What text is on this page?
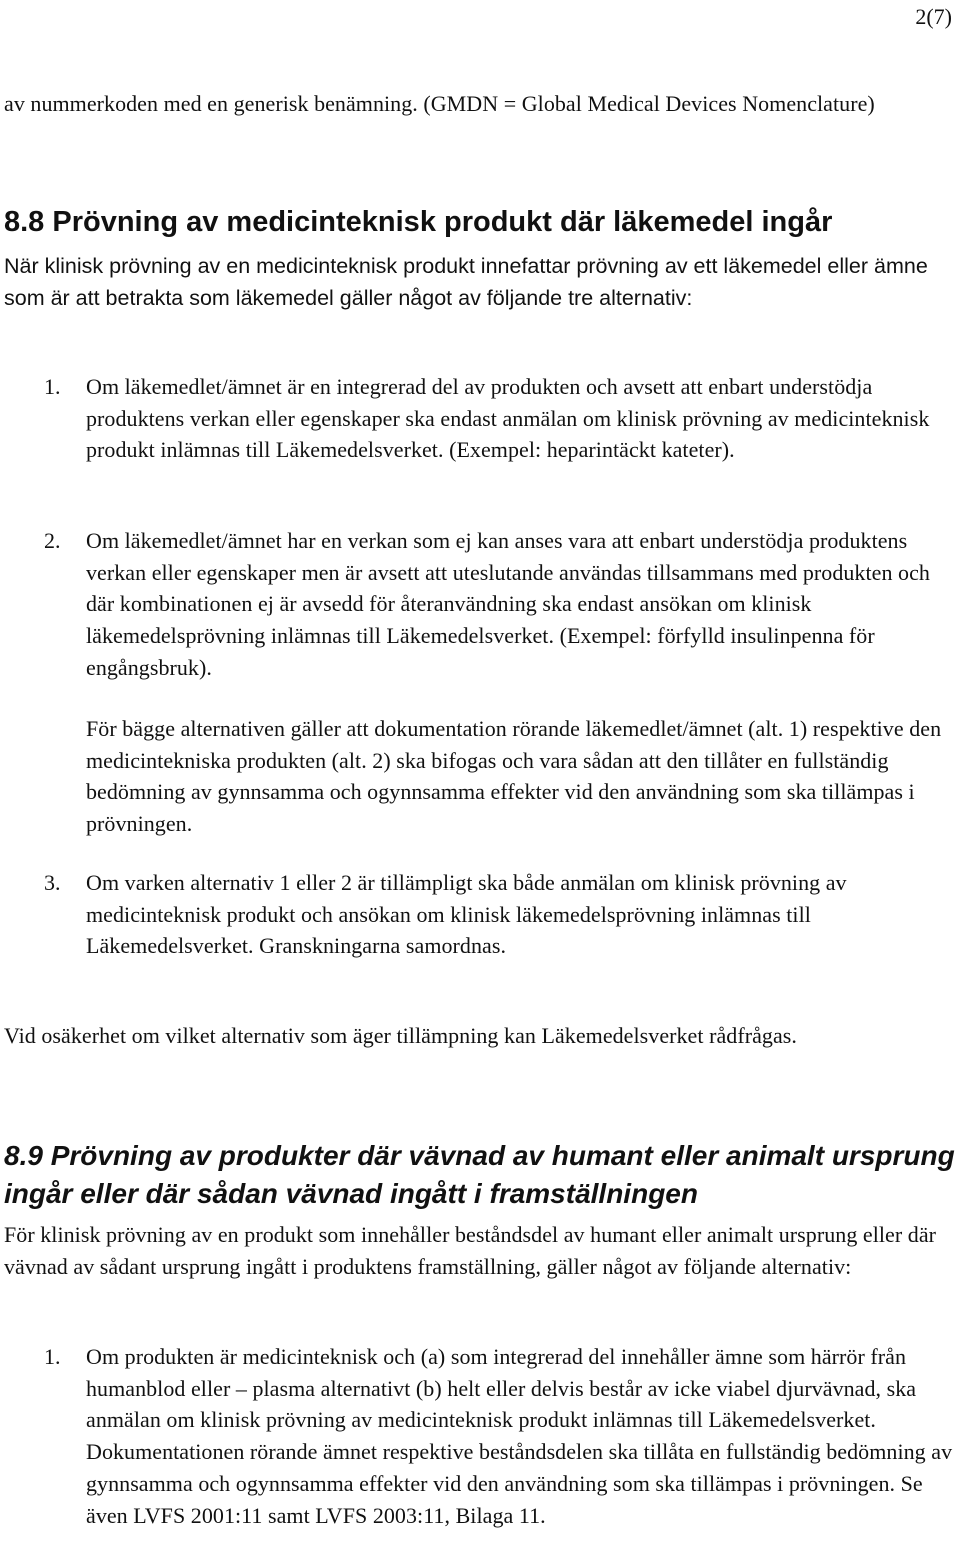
2(7)

av nummerkoden med en generisk benämning. (GMDN = Global Medical Devices Nomenclature)

8.8 Prövning av medicinteknisk produkt där läkemedel ingår

När klinisk prövning av en medicinteknisk produkt innefattar prövning av ett läkemedel eller ämne som är att betrakta som läkemedel gäller något av följande tre alternativ:

1. Om läkemedlet/ämnet är en integrerad del av produkten och avsett att enbart understödja produktens verkan eller egenskaper ska endast anmälan om klinisk prövning av medicinteknisk produkt inlämnas till Läkemedelsverket. (Exempel: heparintäckt kateter).
2. Om läkemedlet/ämnet har en verkan som ej kan anses vara att enbart understödja produktens verkan eller egenskaper men är avsett att uteslutande användas tillsammans med produkten och där kombinationen ej är avsedd för återanvändning ska endast ansökan om klinisk läkemedelsprövning inlämnas till Läkemedelsverket. (Exempel: förfylld insulinpenna för engångsbruk).

För bägge alternativen gäller att dokumentation rörande läkemedlet/ämnet (alt. 1) respektive den medicintekniska produkten (alt. 2) ska bifogas och vara sådan att den tillåter en fullständig bedömning av gynnsamma och ogynnsamma effekter vid den användning som ska tillämpas i prövningen.

3. Om varken alternativ 1 eller 2 är tillämpligt ska både anmälan om klinisk prövning av medicinteknisk produkt och ansökan om klinisk läkemedelsprövning inlämnas till Läkemedelsverket. Granskningarna samordnas.

Vid osäkerhet om vilket alternativ som äger tillämpning kan Läkemedelsverket rådfrågas.

8.9 Prövning av produkter där vävnad av humant eller animalt ursprung ingår eller där sådan vävnad ingått i framställningen

För klinisk prövning av en produkt som innehåller beståndsdel av humant eller animalt ursprung eller där vävnad av sådant ursprung ingått i produktens framställning, gäller något av följande alternativ:

1. Om produkten är medicinteknisk och (a) som integrerad del innehåller ämne som härrör från humanblod eller – plasma alternativt (b) helt eller delvis består av icke viabel djurvävnad, ska anmälan om klinisk prövning av medicinteknisk produkt inlämnas till Läkemedelsverket. Dokumentationen rörande ämnet respektive beståndsdelen ska tillåta en fullständig bedömning av gynnsamma och ogynnsamma effekter vid den användning som ska tillämpas i prövningen. Se även LVFS 2001:11 samt LVFS 2003:11, Bilaga 11.
